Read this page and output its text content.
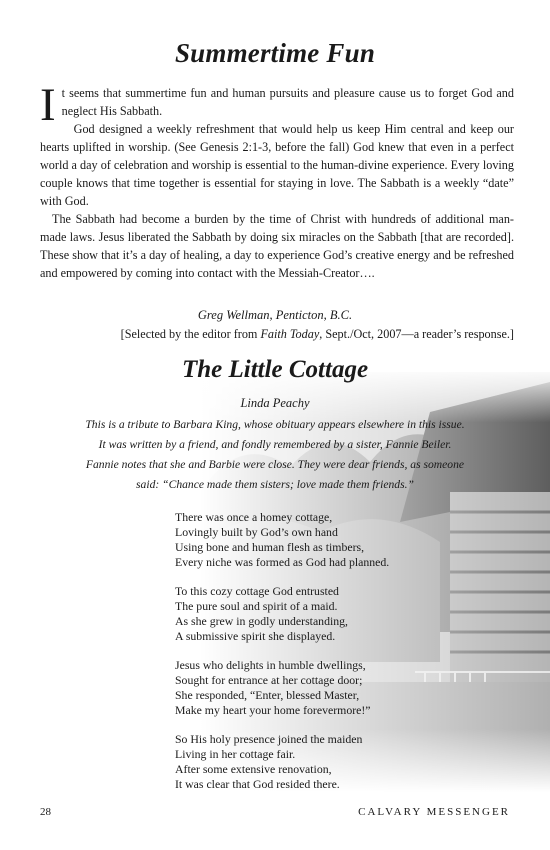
Summertime Fun

It seems that summertime fun and human pursuits and pleasure cause us to forget God and neglect His Sabbath.

God designed a weekly refreshment that would help us keep Him central and keep our hearts uplifted in worship. (See Genesis 2:1-3, before the fall) God knew that even in a perfect world a day of celebration and worship is essential to the human-divine experience. Every loving couple knows that time together is essential for staying in love. The Sabbath is a weekly “date” with God.

The Sabbath had become a burden by the time of Christ with hundreds of additional man-made laws. Jesus liberated the Sabbath by doing six miracles on the Sabbath [that are recorded]. These show that it’s a day of healing, a day to experience God’s creative energy and be refreshed and empowered by coming into contact with the Messiah-Creator….

Greg Wellman, Penticton, B.C.
[Selected by the editor from Faith Today, Sept./Oct, 2007—a reader’s response.]
The Little Cottage
Linda Peachy
This is a tribute to Barbara King, whose obituary appears elsewhere in this issue.
It was written by a friend, and fondly remembered by a sister, Fannie Beiler.
Fannie notes that she and Barbie were close. They were dear friends, as someone
said: “Chance made them sisters; love made them friends.”
There was once a homey cottage,
Lovingly built by God’s own hand
Using bone and human flesh as timbers,
Every niche was formed as God had planned.
To this cozy cottage God entrusted
The pure soul and spirit of a maid.
As she grew in godly understanding,
A submissive spirit she displayed.
Jesus who delights in humble dwellings,
Sought for entrance at her cottage door;
She responded, “Enter, blessed Master,
Make my heart your home forevermore!”
So His holy presence joined the maiden
Living in her cottage fair.
After some extensive renovation,
It was clear that God resided there.
28	CALVARY MESSENGER
